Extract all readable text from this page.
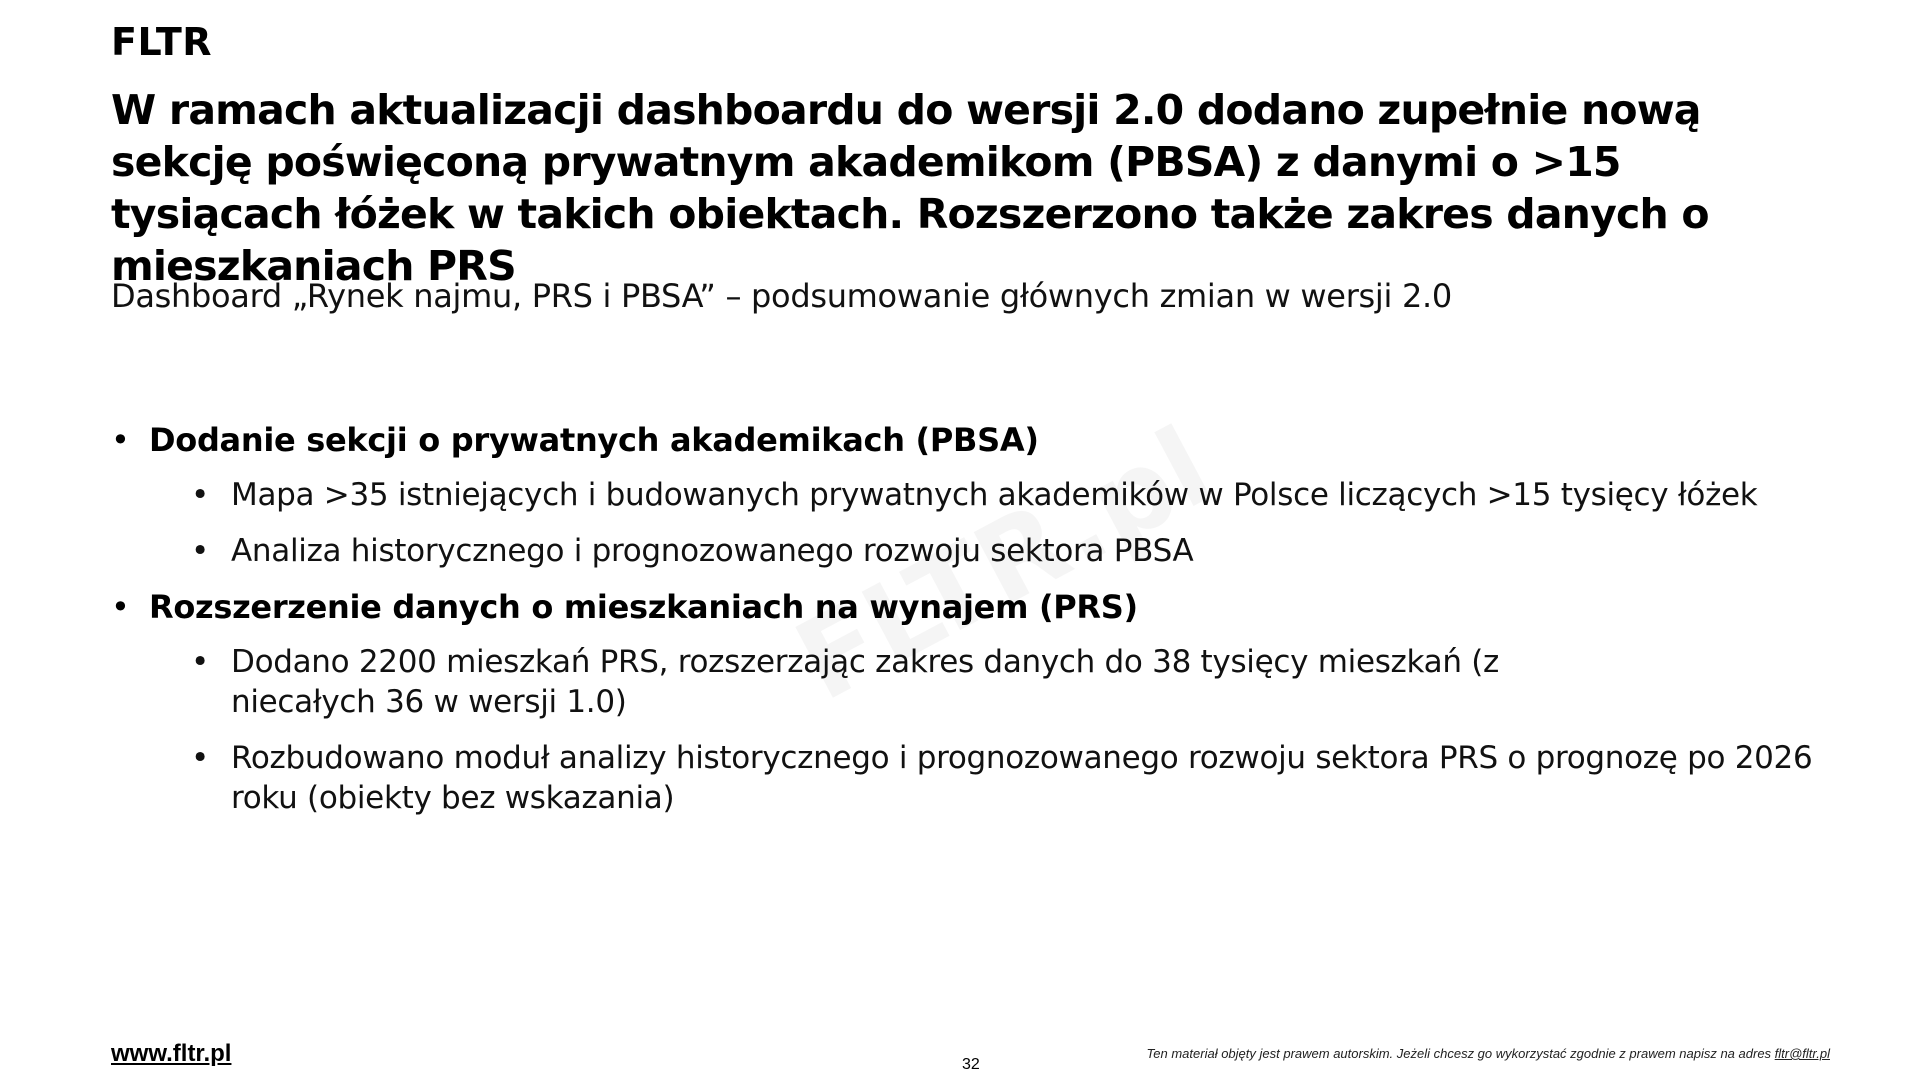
FLTR
W ramach aktualizacji dashboardu do wersji 2.0 dodano zupełnie nową sekcję poświęconą prywatnym akademikom (PBSA) z danymi o >15 tysiącach łóżek w takich obiektach. Rozszerzono także zakres danych o mieszkaniach PRS

Dashboard „Rynek najmu, PRS i PBSA” – podsumowanie głównych zmian w wersji 2.0

• Dodanie sekcji o prywatnych akademikach (PBSA)
• Mapa >35 istniejących i budowanych prywatnych akademików w Polsce liczących >15 tysięcy łóżek
• Analiza historycznego i prognozowanego rozwoju sektora PBSA
• Rozszerzenie danych o mieszkaniach na wynajem (PRS)
• Dodano 2200 mieszkań PRS, rozszerzając zakres danych do 38 tysięcy mieszkań (z niecałych 36 w wersji 1.0)
• Rozbudowano moduł analizy historycznego i prognozowanego rozwoju sektora PRS o prognozę po 2026 roku (obiekty bez wskazania)
www.fltr.pl	32

Ten materiał objęty jest prawem autorskim. Jeżeli chcesz go wykorzystać zgodnie z prawem napisz na adres fltr@fltr.pl
